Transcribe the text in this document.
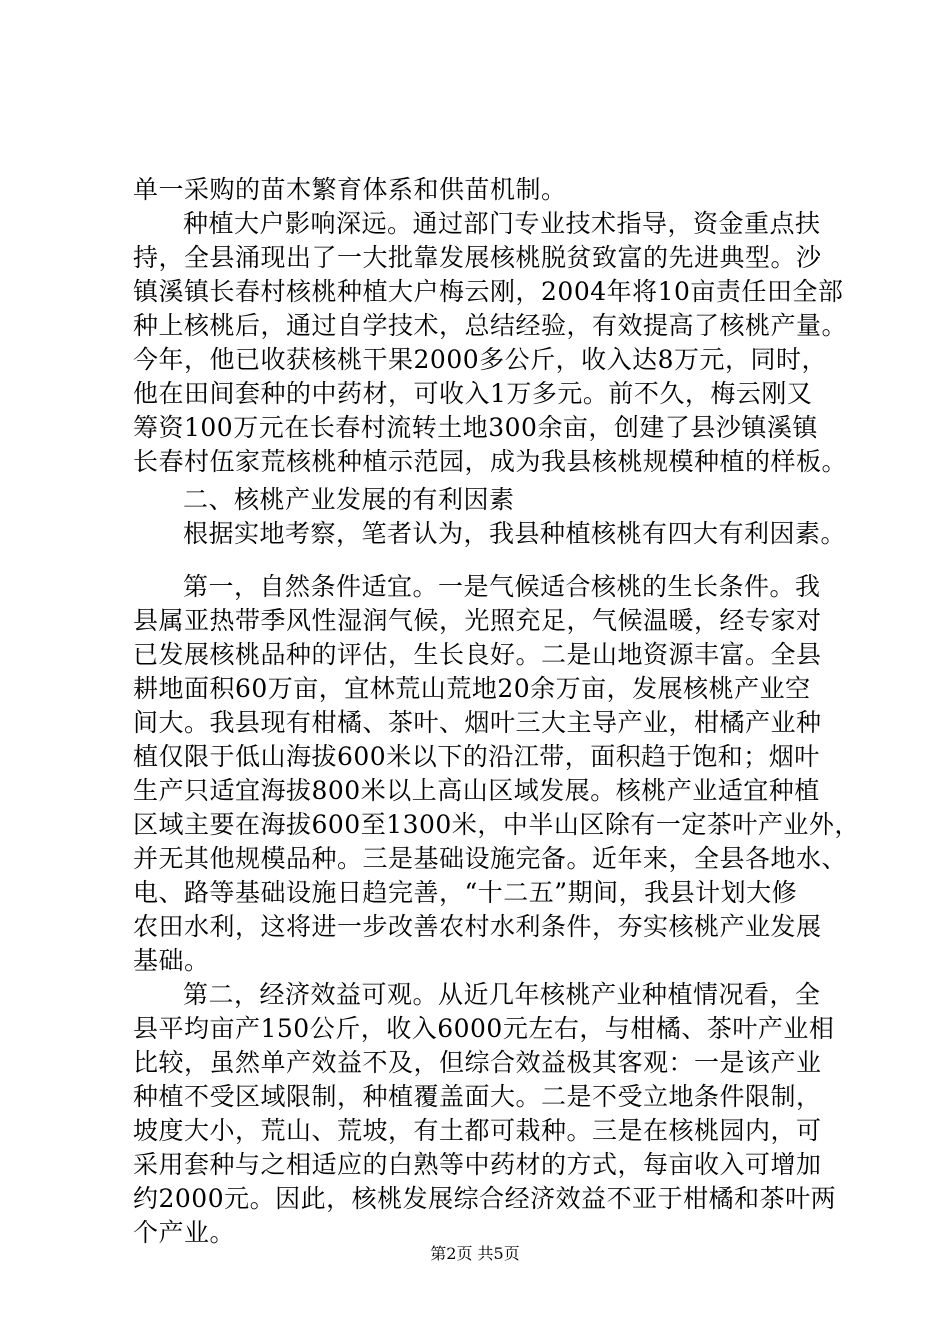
单一采购的苗木繁育体系和供苗机制。
种植大户影响深远。通过部门专业技术指导，资金重点扶
持，全县涌现出了一大批靠发展核桃脱贫致富的先进典型。沙
镇溪镇长春村核桃种植大户梅云刚，2004年将10亩责任田全部
种上核桃后，通过自学技术，总结经验，有效提高了核桃产量。
今年，他已收获核桃干果2000多公斤，收入达8万元，同时，
他在田间套种的中药材，可收入1万多元。前不久，梅云刚又
筹资100万元在长春村流转土地300余亩，创建了县沙镇溪镇
长春村伍家荒核桃种植示范园，成为我县核桃规模种植的样板。
二、核桃产业发展的有利因素
根据实地考察，笔者认为，我县种植核桃有四大有利因素。
第一，自然条件适宜。一是气候适合核桃的生长条件。我
县属亚热带季风性湿润气候，光照充足，气候温暖，经专家对
已发展核桃品种的评估，生长良好。二是山地资源丰富。全县
耕地面积60万亩，宜林荒山荒地20余万亩，发展核桃产业空
间大。我县现有柑橘、茶叶、烟叶三大主导产业，柑橘产业种
植仅限于低山海拔600米以下的沿江带，面积趋于饱和；烟叶
生产只适宜海拔800米以上高山区域发展。核桃产业适宜种植
区域主要在海拔600至1300米，中半山区除有一定茶叶产业外，
并无其他规模品种。三是基础设施完备。近年来，全县各地水、
电、路等基础设施日趋完善，“十二五”期间，我县计划大修
农田水利，这将进一步改善农村水利条件，夯实核桃产业发展
基础。
第二，经济效益可观。从近几年核桃产业种植情况看，全
县平均亩产150公斤，收入6000元左右，与柑橘、茶叶产业相
比较，虽然单产效益不及，但综合效益极其客观：一是该产业
种植不受区域限制，种植覆盖面大。二是不受立地条件限制，
坡度大小，荒山、荒坡，有土都可栽种。三是在核桃园内，可
采用套种与之相适应的白熟等中药材的方式，每亩收入可增加
约2000元。因此，核桃发展综合经济效益不亚于柑橘和茶叶两
个产业。
第2页 共5页
